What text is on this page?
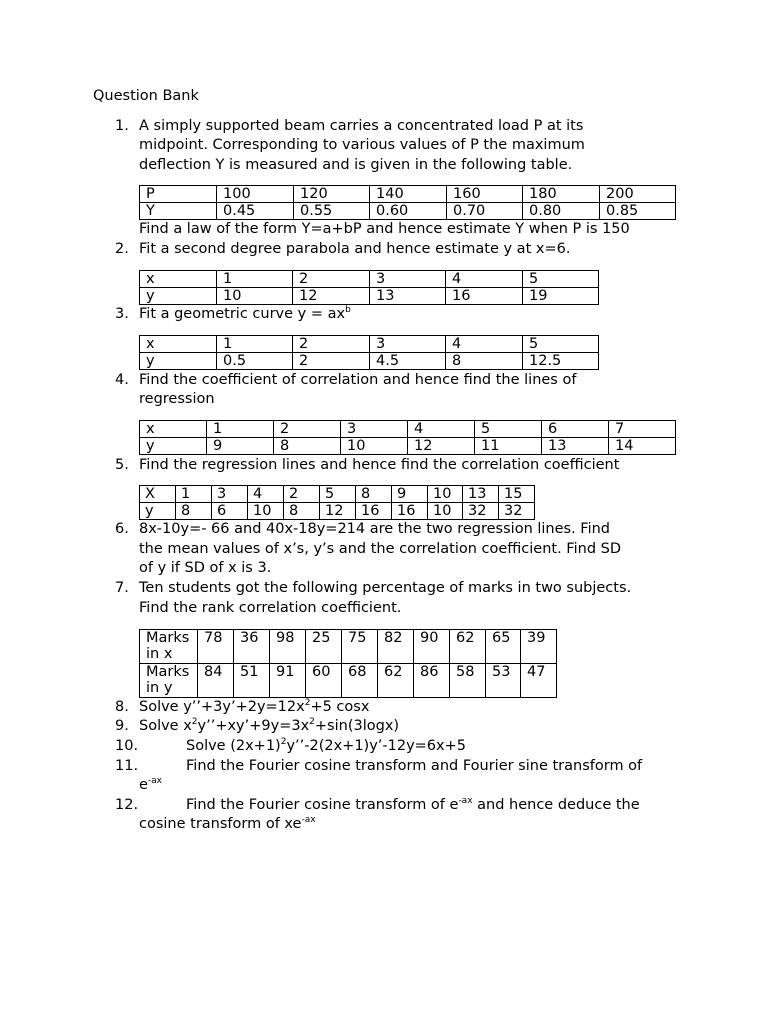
Question Bank
1. A simply supported beam carries a concentrated load P at its
midpoint. Corresponding to various values of P the maximum
deflection Y is measured and is given in the following table.
P	100	120	140	160	180	200
Y	0.45	0.55	0.60	0.70	0.80	0.85
Find a law of the form Y=a+bP and hence estimate Y when P is 150
2. Fit a second degree parabola and hence estimate y at x=6.
x	1	2	3	4	5
y	10	12	13	16	19
3. Fit a geometric curve $y = ax^b$
x	1	2	3	4	5
y	0.5	2	4.5	8	12.5
4. Find the coefficient of correlation and hence find the lines of
regression
x	1	2	3	4	5	6	7
y	9	8	10	12	11	13	14
5. Find the regression lines and hence find the correlation coefficient
X	1	3	4	2	5	8	9	10	13	15
y	8	6	10	8	12	16	16	10	32	32
6. 8x-10y=- 66 and 40x-18y=214 are the two regression lines. Find
the mean values of x’s, y’s and the correlation coefficient. Find SD
of y if SD of x is 3.
7. Ten students got the following percentage of marks in two subjects.
Find the rank correlation coefficient.
Marks in x	78	36	98	25	75	82	90	62	65	39
Marks in y	84	51	91	60	68	62	86	58	53	47
8. Solve $y’’+3y’+2y=12x^2+5$ cosx
9. Solve $x^2y’’+xy’+9y=3x^2+\sin(3\log x)$
10.	Solve $(2x+1)^2y’’-2(2x+1)y’-12y=6x+5$
11.	Find the Fourier cosine transform and Fourier sine transform of
$e^{-ax}$
12.	Find the Fourier cosine transform of $e^{-ax}$ and hence deduce the
cosine transform of $xe^{-ax}$
